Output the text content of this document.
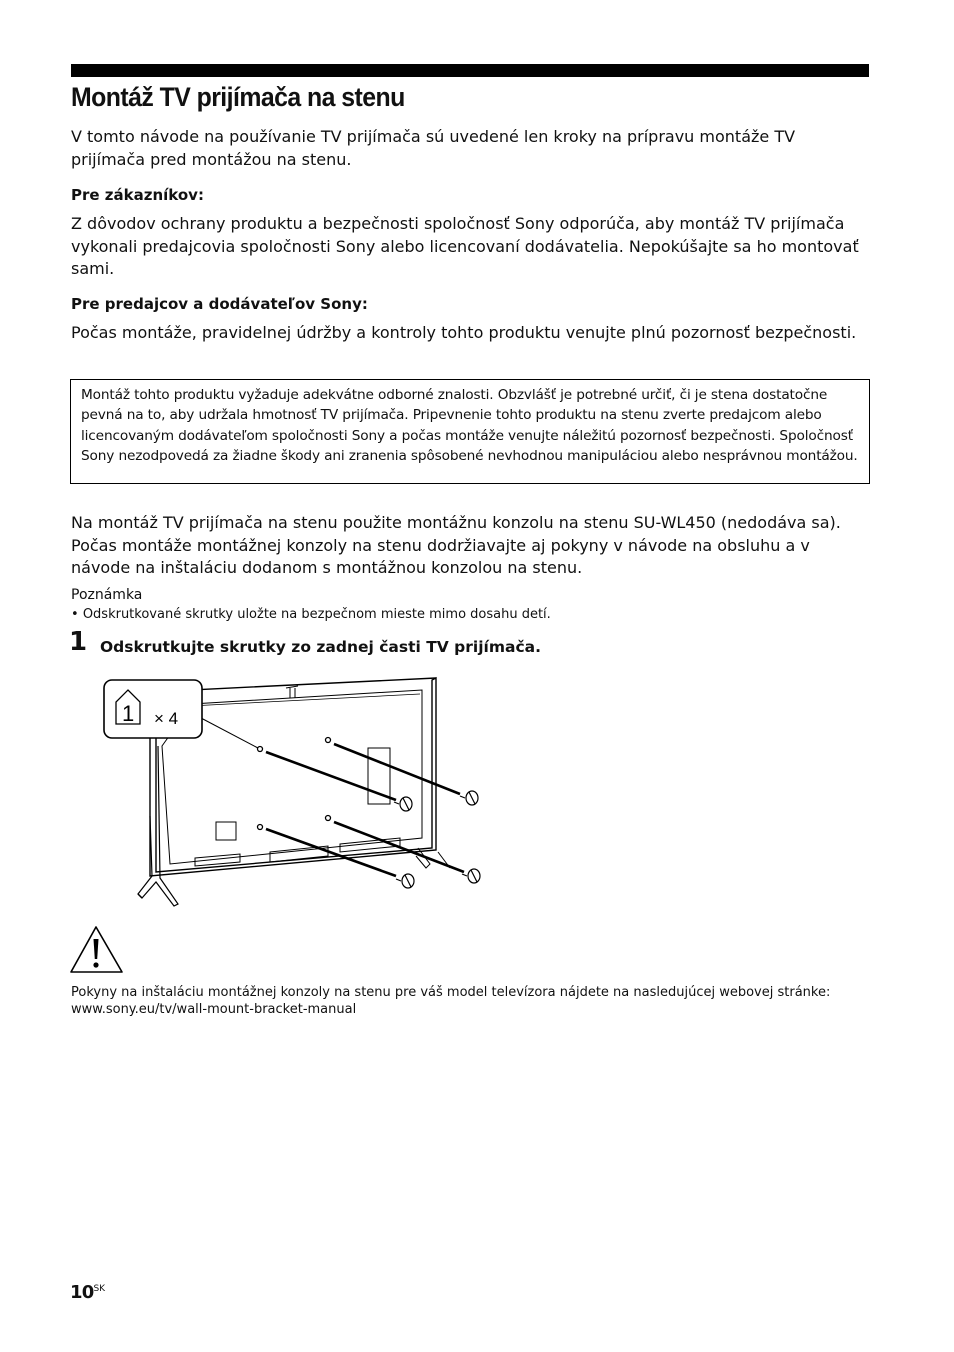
Montáž TV prijímača na stenu
V tomto návode na používanie TV prijímača sú uvedené len kroky na prípravu montáže TV prijímača pred montážou na stenu.
Pre zákazníkov:
Z dôvodov ochrany produktu a bezpečnosti spoločnosť Sony odporúča, aby montáž TV prijímača vykonali predajcovia spoločnosti Sony alebo licencovaní dodávatelia. Nepokúšajte sa ho montovať sami.
Pre predajcov a dodávateľov Sony:
Počas montáže, pravidelnej údržby a kontroly tohto produktu venujte plnú pozornosť bezpečnosti.
Montáž tohto produktu vyžaduje adekvátne odborné znalosti. Obzvlášť je potrebné určiť, či je stena dostatočne pevná na to, aby udržala hmotnosť TV prijímača. Pripevnenie tohto produktu na stenu zverte predajcom alebo licencovaným dodávateľom spoločnosti Sony a počas montáže venujte náležitú pozornosť bezpečnosti. Spoločnosť Sony nezodpovedá za žiadne škody ani zranenia spôsobené nevhodnou manipuláciou alebo nesprávnou montážou.
Na montáž TV prijímača na stenu použite montážnu konzolu na stenu SU-WL450 (nedodáva sa). Počas montáže montážnej konzoly na stenu dodržiavajte aj pokyny v návode na obsluhu a v návode na inštaláciu dodanom s montážnou konzolou na stenu.
Poznámka
• Odskrutkované skrutky uložte na bezpečnom mieste mimo dosahu detí.
1 Odskrutkujte skrutky zo zadnej časti TV prijímača.
1 × 4
Pokyny na inštaláciu montážnej konzoly na stenu pre váš model televízora nájdete na nasledujúcej webovej stránke:
www.sony.eu/tv/wall-mount-bracket-manual
$10^{SK}$
